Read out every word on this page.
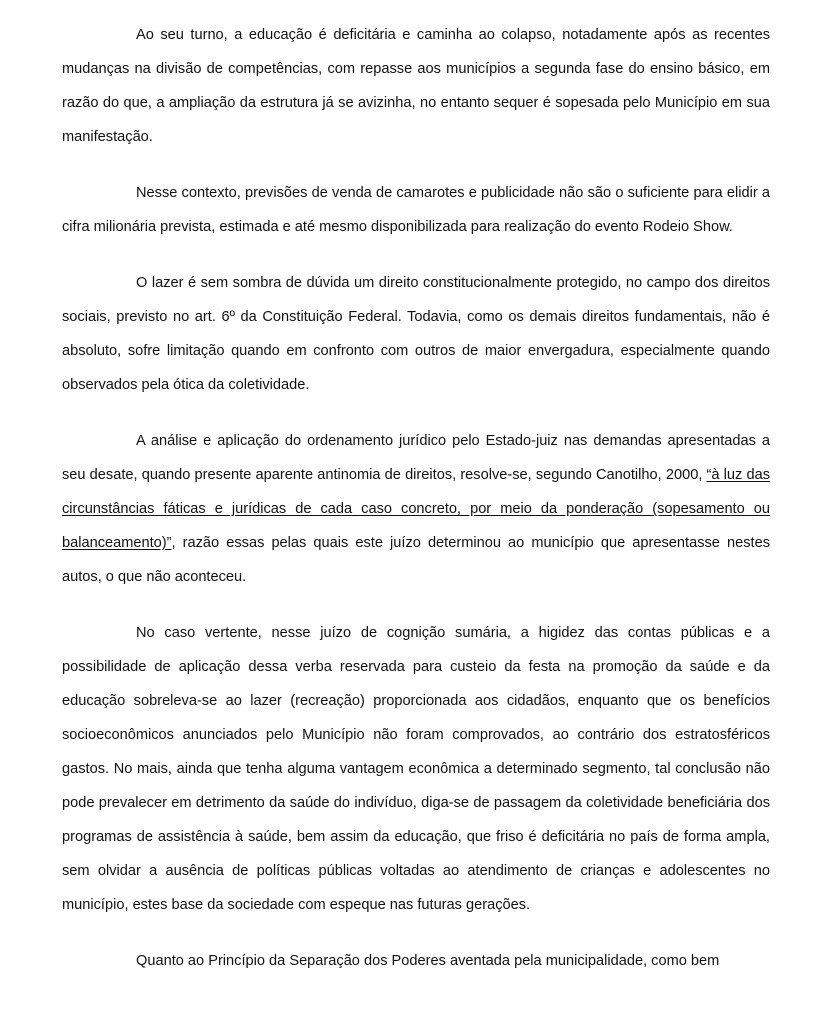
Ao seu turno, a educação é deficitária e caminha ao colapso, notadamente após as recentes mudanças na divisão de competências, com repasse aos municípios a segunda fase do ensino básico, em razão do que, a ampliação da estrutura já se avizinha, no entanto sequer é sopesada pelo Município em sua manifestação.

Nesse contexto, previsões de venda de camarotes e publicidade não são o suficiente para elidir a cifra milionária prevista, estimada e até mesmo disponibilizada para realização do evento Rodeio Show.

O lazer é sem sombra de dúvida um direito constitucionalmente protegido, no campo dos direitos sociais, previsto no art. 6º da Constituição Federal. Todavia, como os demais direitos fundamentais, não é absoluto, sofre limitação quando em confronto com outros de maior envergadura, especialmente quando observados pela ótica da coletividade.

A análise e aplicação do ordenamento jurídico pelo Estado-juiz nas demandas apresentadas a seu desate, quando presente aparente antinomia de direitos, resolve-se, segundo Canotilho, 2000, “à luz das circunstâncias fáticas e jurídicas de cada caso concreto, por meio da ponderação (sopesamento ou balanceamento)”, razão essas pelas quais este juízo determinou ao município que apresentasse nestes autos, o que não aconteceu.

No caso vertente, nesse juízo de cognição sumária, a higidez das contas públicas e a possibilidade de aplicação dessa verba reservada para custeio da festa na promoção da saúde e da educação sobreleva-se ao lazer (recreação) proporcionada aos cidadãos, enquanto que os benefícios socioeconômicos anunciados pelo Município não foram comprovados, ao contrário dos estratosféricos gastos. No mais, ainda que tenha alguma vantagem econômica a determinado segmento, tal conclusão não pode prevalecer em detrimento da saúde do indivíduo, diga-se de passagem da coletividade beneficiária dos programas de assistência à saúde, bem assim da educação, que friso é deficitária no país de forma ampla, sem olvidar a ausência de políticas públicas voltadas ao atendimento de crianças e adolescentes no município, estes base da sociedade com espeque nas futuras gerações.

Quanto ao Princípio da Separação dos Poderes aventada pela municipalidade, como bem
